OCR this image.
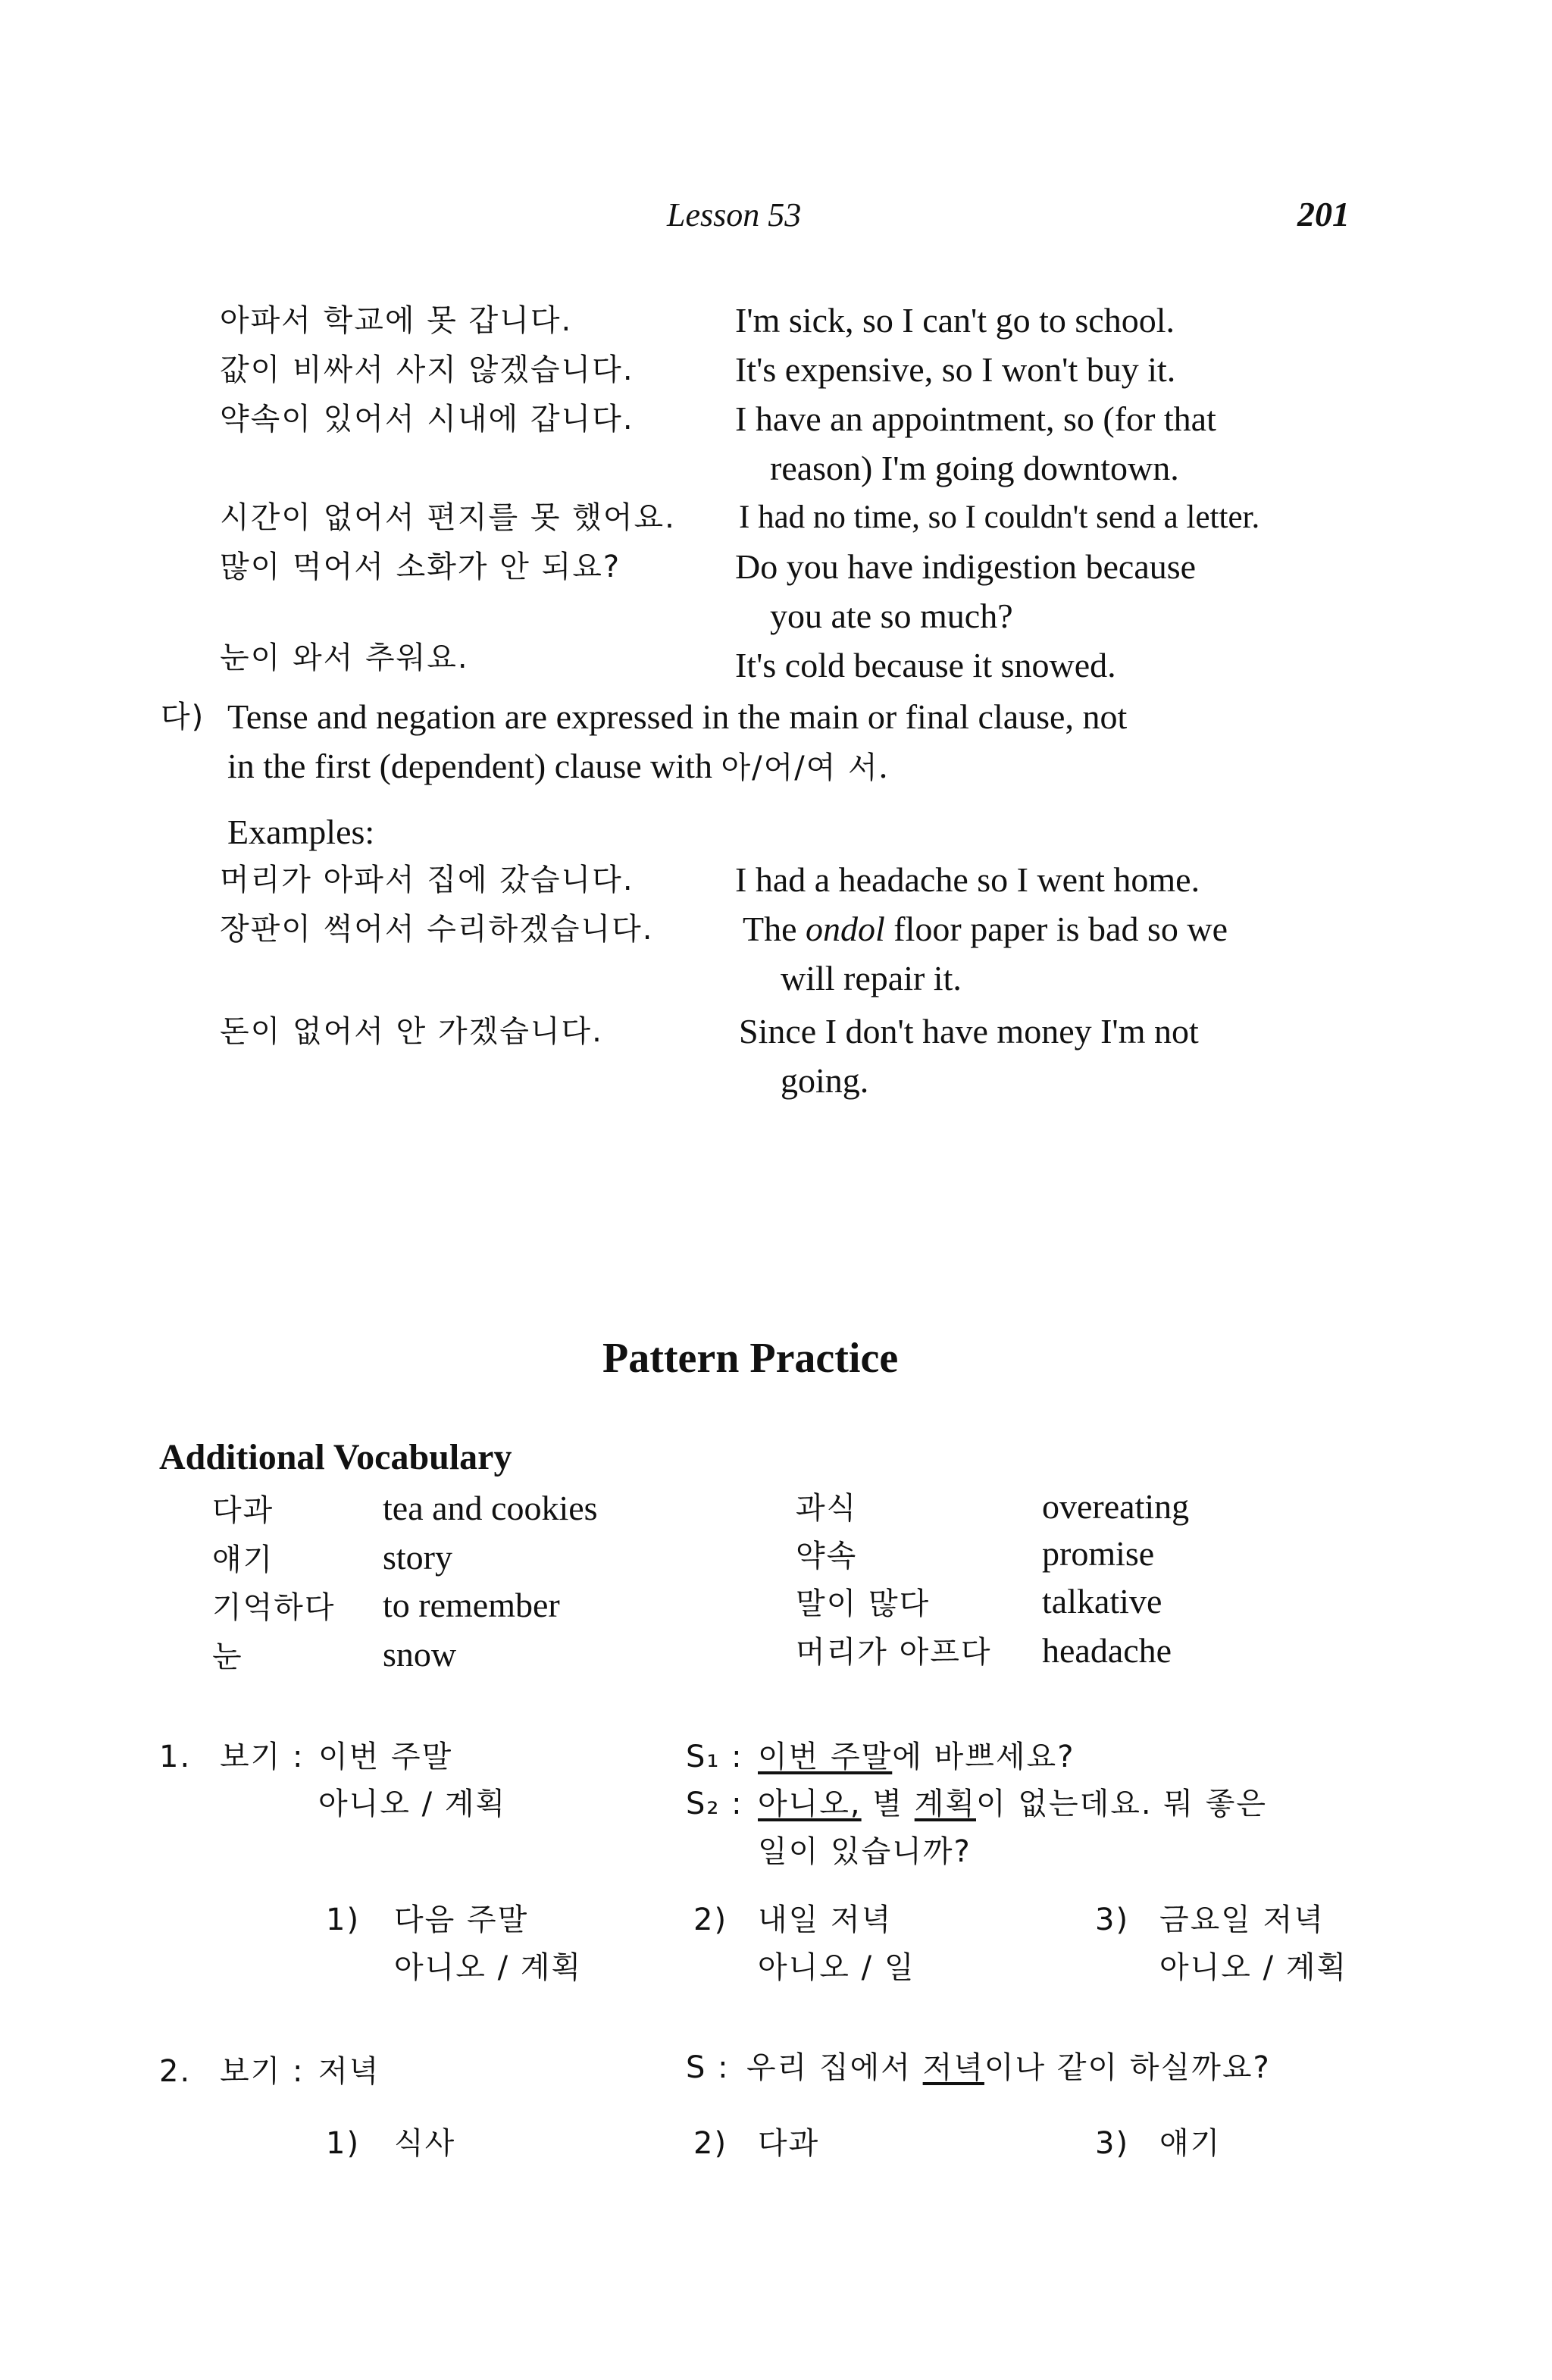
Lesson 53	201
아파서 학교에 못 갑니다.	I'm sick, so I can't go to school.
값이 비싸서 사지 않겠습니다.	It's expensive, so I won't buy it.
약속이 있어서 시내에 갑니다.	I have an appointment, so (for that
reason) I'm going downtown.
시간이 없어서 편지를 못 했어요. I had no time, so I couldn't send a letter.
많이 먹어서 소화가 안 되요?	Do you have indigestion because
you ate so much?
눈이 와서 추워요.	It's cold because it snowed.
다) Tense and negation are expressed in the main or final clause, not
in the first (dependent) clause with 아/어/여 서.
Examples:
머리가 아파서 집에 갔습니다.	I had a headache so I went home.
장판이 썩어서 수리하겠습니다.	The ondol floor paper is bad so we
will repair it.
돈이 없어서 안 가겠습니다.	Since I don't have money I'm not
going.
Pattern Practice
Additional Vocabulary
다과	tea and cookies
얘기	story
기억하다 to remember
눈	snow
과식	overeating
약속	promise
말이 많다	talkative
머리가 아프다 headache
1. 보기 : 이번 주말
아니오 / 계획
S₁ : 이번 주말에 바쁘세요?
S₂ : 아니오, 별 계획이 없는데요. 뭐 좋은
일이 있습니까?
1) 다음 주말
아니오 / 계획
2) 내일 저녁
아니오 / 일
3) 금요일 저녁
아니오 / 계획
2. 보기 : 저녁	S : 우리 집에서 저녁이나 같이 하실까요?
1) 식사	2) 다과	3) 얘기
